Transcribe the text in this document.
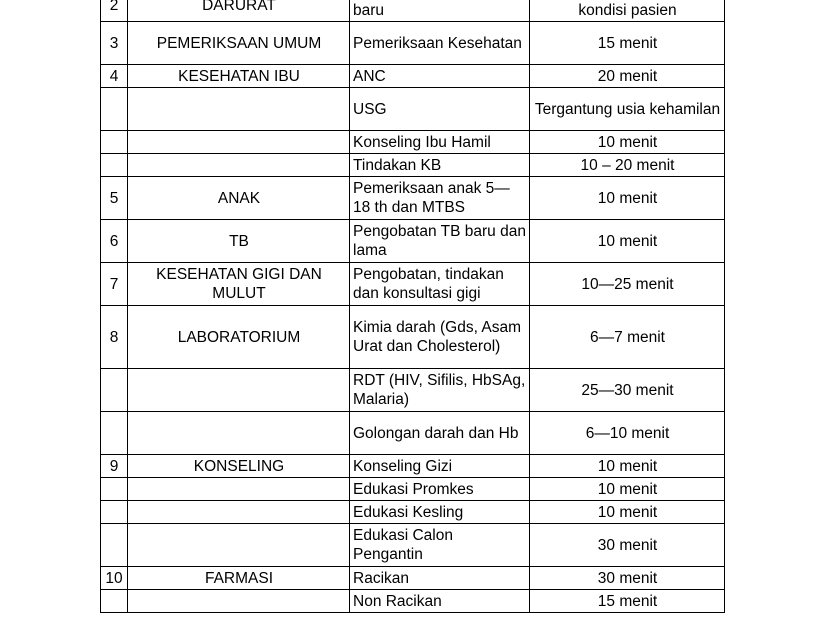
2	DARURAT	baru	kondisi pasien
3	PEMERIKSAAN UMUM	Pemeriksaan Kesehatan	15 menit
4	KESEHATAN IBU	ANC	20 menit
		USG	Tergantung usia kehamilan
		Konseling Ibu Hamil	10 menit
		Tindakan KB	10 – 20 menit
5	ANAK	Pemeriksaan anak 5—18 th dan MTBS	10 menit
6	TB	Pengobatan TB baru dan lama	10 menit
7	KESEHATAN GIGI DAN MULUT	Pengobatan, tindakan dan konsultasi gigi	10—25 menit
8	LABORATORIUM	Kimia darah (Gds, Asam Urat dan Cholesterol)	6—7 menit
		RDT (HIV, Sifilis, HbSAg, Malaria)	25—30 menit
		Golongan darah dan Hb	6—10 menit
9	KONSELING	Konseling Gizi	10 menit
		Edukasi Promkes	10 menit
		Edukasi Kesling	10 menit
		Edukasi Calon Pengantin	30 menit
10	FARMASI	Racikan	30 menit
		Non Racikan	15 menit
